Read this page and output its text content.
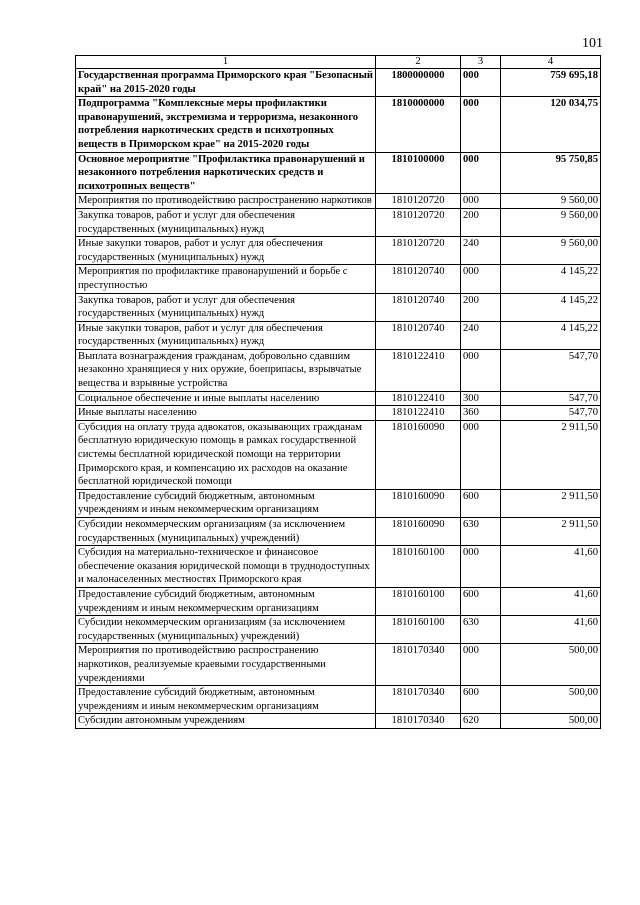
101
1	2	3	4
Государственная программа Приморского края "Безопасный край" на 2015-2020 годы	1800000000	000	759 695,18
Подпрограмма "Комплексные меры профилактики правонарушений, экстремизма и терроризма, незаконного потребления наркотических средств и психотропных веществ в Приморском крае" на 2015-2020 годы	1810000000	000	120 034,75
Основное мероприятие "Профилактика правонарушений и незаконного потребления наркотических средств и психотропных веществ"	1810100000	000	95 750,85
Мероприятия по противодействию распространению наркотиков	1810120720	000	9 560,00
Закупка товаров, работ и услуг для обеспечения государственных (муниципальных) нужд	1810120720	200	9 560,00
Иные закупки товаров, работ и услуг для обеспечения государственных (муниципальных) нужд	1810120720	240	9 560,00
Мероприятия по профилактике правонарушений и борьбе с преступностью	1810120740	000	4 145,22
Закупка товаров, работ и услуг для обеспечения государственных (муниципальных) нужд	1810120740	200	4 145,22
Иные закупки товаров, работ и услуг для обеспечения государственных (муниципальных) нужд	1810120740	240	4 145,22
Выплата вознаграждения гражданам, добровольно сдавшим незаконно хранящиеся у них оружие, боеприпасы, взрывчатые вещества и взрывные устройства	1810122410	000	547,70
Социальное обеспечение и иные выплаты населению	1810122410	300	547,70
Иные выплаты населению	1810122410	360	547,70
Субсидия на оплату труда адвокатов, оказывающих гражданам бесплатную юридическую помощь в рамках государственной системы бесплатной юридической помощи на территории Приморского края, и компенсацию их расходов на оказание бесплатной юридической помощи	1810160090	000	2 911,50
Предоставление субсидий бюджетным, автономным учреждениям и иным некоммерческим организациям	1810160090	600	2 911,50
Субсидии некоммерческим организациям (за исключением государственных (муниципальных) учреждений)	1810160090	630	2 911,50
Субсидия на материально-техническое и финансовое обеспечение оказания юридической помощи в труднодоступных и малонаселенных местностях Приморского края	1810160100	000	41,60
Предоставление субсидий бюджетным, автономным учреждениям и иным некоммерческим организациям	1810160100	600	41,60
Субсидии некоммерческим организациям (за исключением государственных (муниципальных) учреждений)	1810160100	630	41,60
Мероприятия по противодействию распространению наркотиков, реализуемые краевыми государственными учреждениями	1810170340	000	500,00
Предоставление субсидий бюджетным, автономным учреждениям и иным некоммерческим организациям	1810170340	600	500,00
Субсидии автономным учреждениям	1810170340	620	500,00
